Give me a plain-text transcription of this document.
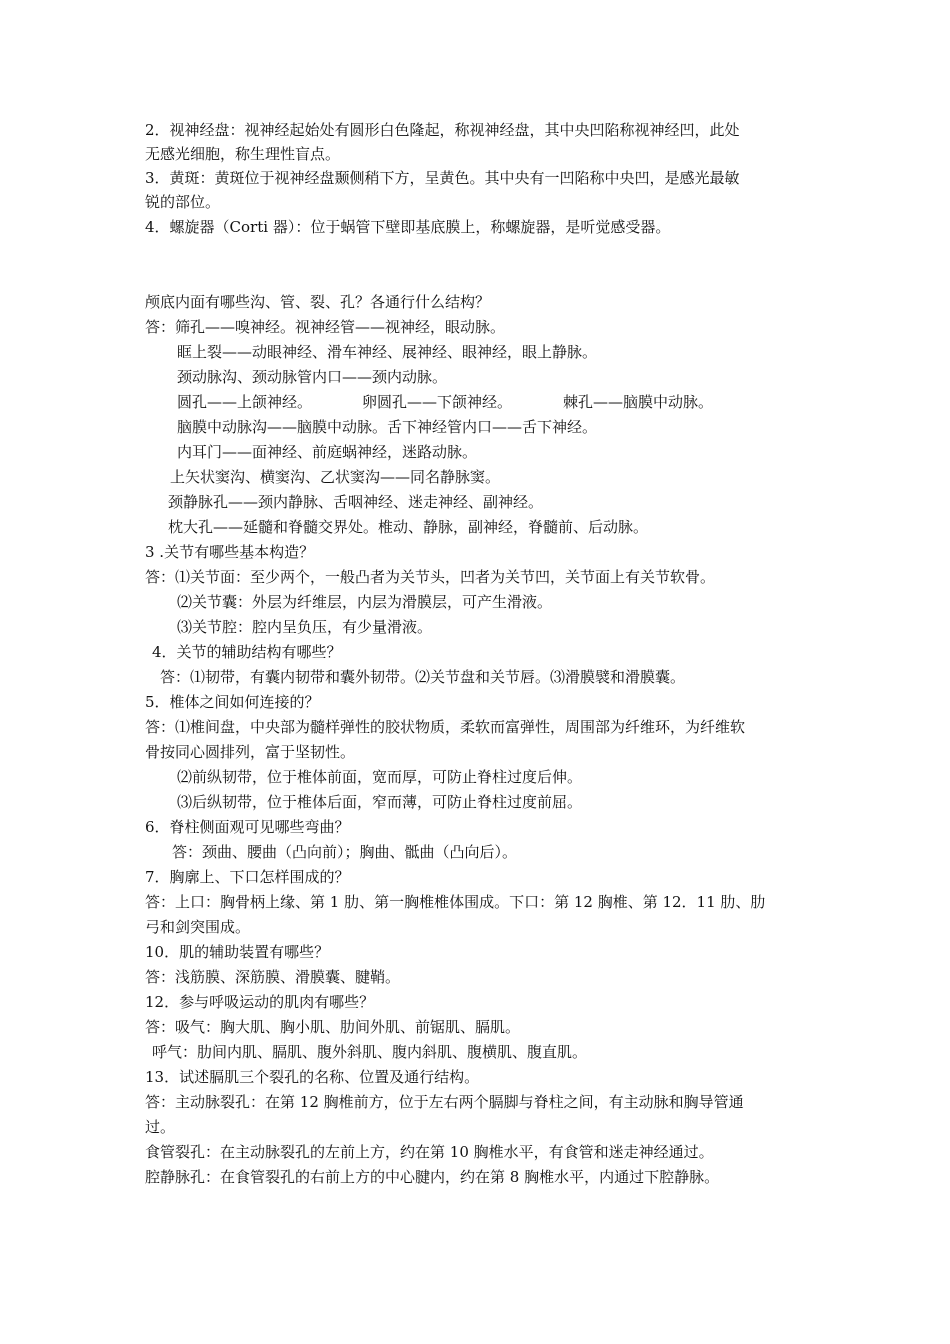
2．视神经盘：视神经起始处有圆形白色隆起，称视神经盘，其中央凹陷称视神经凹，此处
无感光细胞，称生理性盲点。
3．黄斑：黄斑位于视神经盘颞侧稍下方，呈黄色。其中央有一凹陷称中央凹，是感光最敏
锐的部位。
4．螺旋器（Corti 器）：位于蜗管下壁即基底膜上，称螺旋器，是听觉感受器。
颅底内面有哪些沟、管、裂、孔？各通行什么结构？
答：筛孔——嗅神经。视神经管——视神经，眼动脉。
眶上裂——动眼神经、滑车神经、展神经、眼神经，眼上静脉。
颈动脉沟、颈动脉管内口——颈内动脉。
圆孔——上颌神经。	卵圆孔——下颌神经。	棘孔——脑膜中动脉。
脑膜中动脉沟——脑膜中动脉。舌下神经管内口——舌下神经。
内耳门——面神经、前庭蜗神经，迷路动脉。
上矢状窦沟、横窦沟、乙状窦沟——同名静脉窦。
颈静脉孔——颈内静脉、舌咽神经、迷走神经、副神经。
枕大孔——延髓和脊髓交界处。椎动、静脉，副神经，脊髓前、后动脉。
3 .关节有哪些基本构造？
答：⑴关节面：至少两个，一般凸者为关节头，凹者为关节凹，关节面上有关节软骨。
⑵关节囊：外层为纤维层，内层为滑膜层，可产生滑液。
⑶关节腔：腔内呈负压，有少量滑液。
4．关节的辅助结构有哪些？
答：⑴韧带，有囊内韧带和囊外韧带。⑵关节盘和关节唇。⑶滑膜襞和滑膜囊。
5．椎体之间如何连接的？
答：⑴椎间盘，中央部为髓样弹性的胶状物质，柔软而富弹性，周围部为纤维环，为纤维软
骨按同心圆排列，富于坚韧性。
⑵前纵韧带，位于椎体前面，宽而厚，可防止脊柱过度后伸。
⑶后纵韧带，位于椎体后面，窄而薄，可防止脊柱过度前屈。
6．脊柱侧面观可见哪些弯曲？
答：颈曲、腰曲（凸向前）；胸曲、骶曲（凸向后）。
7．胸廓上、下口怎样围成的？
答：上口：胸骨柄上缘、第 1 肋、第一胸椎椎体围成。下口：第 12 胸椎、第 12．11 肋、肋
弓和剑突围成。
10．肌的辅助装置有哪些？
答：浅筋膜、深筋膜、滑膜囊、腱鞘。
12．参与呼吸运动的肌肉有哪些？
答：吸气：胸大肌、胸小肌、肋间外肌、前锯肌、膈肌。
呼气：肋间内肌、膈肌、腹外斜肌、腹内斜肌、腹横肌、腹直肌。
13．试述膈肌三个裂孔的名称、位置及通行结构。
答：主动脉裂孔：在第 12 胸椎前方，位于左右两个膈脚与脊柱之间，有主动脉和胸导管通
过。
食管裂孔：在主动脉裂孔的左前上方，约在第 10 胸椎水平，有食管和迷走神经通过。
腔静脉孔：在食管裂孔的右前上方的中心腱内，约在第 8 胸椎水平，内通过下腔静脉。
